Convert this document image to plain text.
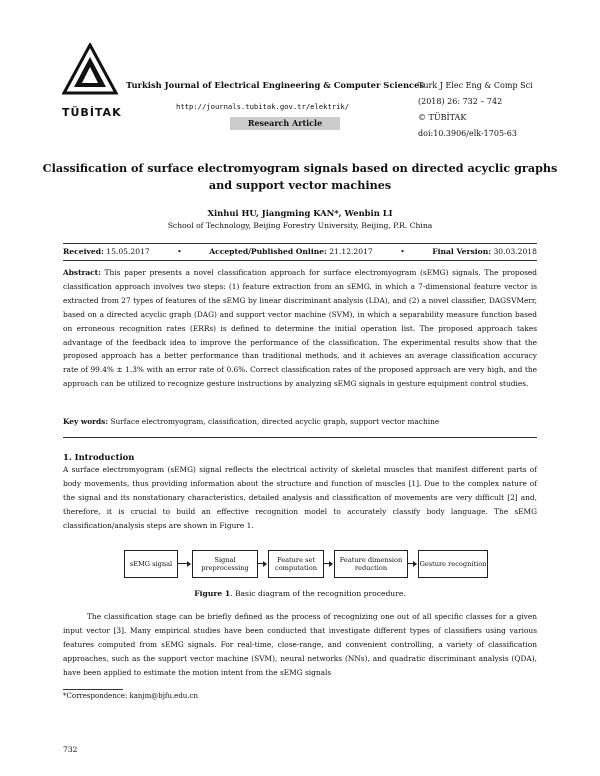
TÜBİTAK
Turkish Journal of Electrical Engineering & Computer Sciences
http://journals.tubitak.gov.tr/elektrik/
Research Article
Turk J Elec Eng & Comp Sci
(2018) 26: 732 – 742
© TÜBİTAK
doi:10.3906/elk-1705-63
Classification of surface electromyogram signals based on directed acyclic graphs
and support vector machines
Xinhui HU, Jiangming KAN*, Wenbin LI
School of Technology, Beijing Forestry University, Beijing, P.R. China
Received: 15.05.2017	•	Accepted/Published Online: 21.12.2017	•	Final Version: 30.03.2018
Abstract: This paper presents a novel classification approach for surface electromyogram (sEMG) signals. The proposed classification approach involves two steps: (1) feature extraction from an sEMG, in which a 7-dimensional feature vector is extracted from 27 types of features of the sEMG by linear discriminant analysis (LDA), and (2) a novel classifier, DAGSVMerr, based on a directed acyclic graph (DAG) and support vector machine (SVM), in which a separability measure function based on erroneous recognition rates (ERRs) is defined to determine the initial operation list. The proposed approach takes advantage of the feedback idea to improve the performance of the classification. The experimental results show that the proposed approach has a better performance than traditional methods, and it achieves an average classification accuracy rate of 99.4% ± 1.3% with an error rate of 0.6%. Correct classification rates of the proposed approach are very high, and the approach can be utilized to recognize gesture instructions by analyzing sEMG signals in gesture equipment control studies.
Key words: Surface electromyogram, classification, directed acyclic graph, support vector machine
1. Introduction
A surface electromyogram (sEMG) signal reflects the electrical activity of skeletal muscles that manifest different parts of body movements, thus providing information about the structure and function of muscles [1]. Due to the complex nature of the signal and its nonstationary characteristics, detailed analysis and classification of movements are very difficult [2] and, therefore, it is crucial to build an effective recognition model to accurately classify body language. The sEMG classification/analysis steps are shown in Figure 1.
sEMG signal	Signal preprocessing
Feature set computation
Feature dimension reduction	Gesture recognition
Figure 1. Basic diagram of the recognition procedure.
The classification stage can be briefly defined as the process of recognizing one out of all specific classes for a given input vector [3]. Many empirical studies have been conducted that investigate different types of classifiers using various features computed from sEMG signals. For real-time, close-range, and convenient controlling, a variety of classification approaches, such as the support vector machine (SVM), neural networks (NNs), and quadratic discriminant analysis (QDA), have been applied to estimate the motion intent from the sEMG signals
*Correspondence: kanjm@bjfu.edu.cn
732
